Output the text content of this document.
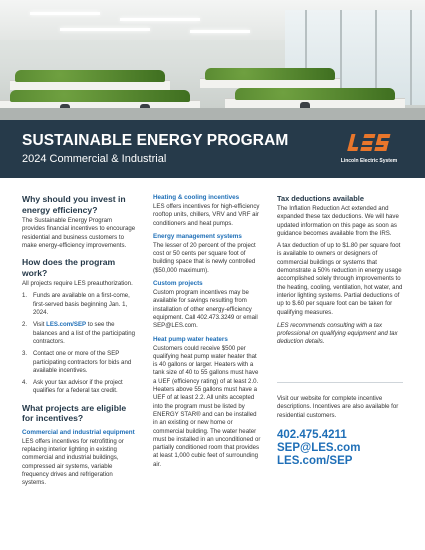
SUSTAINABLE ENERGY PROGRAM
2024 Commercial & Industrial	Lincoln Electric System
Why should you invest in energy efficiency?

The Sustainable Energy Program provides financial incentives to encourage residential and business customers to make energy-efficiency improvements.

How does the program work?

All projects require LES preauthorization.

1. Funds are available on a first-come, first-served basis beginning Jan. 1, 2024.
2. Visit LES.com/SEP to see the balances and a list of the participating contractors.
3. Contact one or more of the SEP participating contractors for bids and available incentives.
4. Ask your tax advisor if the project qualifies for a federal tax credit.
What projects are eligible for incentives?
Commercial and industrial equipment

LES offers incentives for retrofitting or replacing interior lighting in existing commercial and industrial buildings, compressed air systems, variable frequency drives and refrigeration systems.

Heating & cooling incentives

LES offers incentives for high-efficiency rooftop units, chillers, VRV and VRF air conditioners and heat pumps.

Energy management systems

The lesser of 20 percent of the project cost or 50 cents per square foot of building space that is newly controlled ($50,000 maximum).

Custom projects

Custom program incentives may be available for savings resulting from installation of other energy-efficiency equipment. Call 402.473.3249 or email SEP@LES.com.

Heat pump water heaters

Customers could receive $500 per qualifying heat pump water heater that is 40 gallons or larger. Heaters with a tank size of 40 to 55 gallons must have a UEF (efficiency rating) of at least 2.0. Heaters above 55 gallons must have a UEF of at least 2.2. All units accepted into the program must be listed by ENERGY STAR® and can be installed in an existing or new home or commercial building. The water heater must be installed in an unconditioned or partially conditioned room that provides at least 1,000 cubic feet of surrounding air.

Tax deductions available

The Inflation Reduction Act extended and expanded these tax deductions. We will have updated information on this page as soon as guidance becomes available from the IRS.

A tax deduction of up to $1.80 per square foot is available to owners or designers of commercial buildings or systems that demonstrate a 50% reduction in energy usage accomplished solely through improvements to the heating, cooling, ventilation, hot water, and interior lighting systems. Partial deductions of up to $.60 per square foot can be taken for qualifying measures.

LES recommends consulting with a tax professional on qualifying equipment and tax deduction details.

Visit our website for complete incentive descriptions. Incentives are also available for residential customers.

402.475.4211
SEP@LES.com
LES.com/SEP
